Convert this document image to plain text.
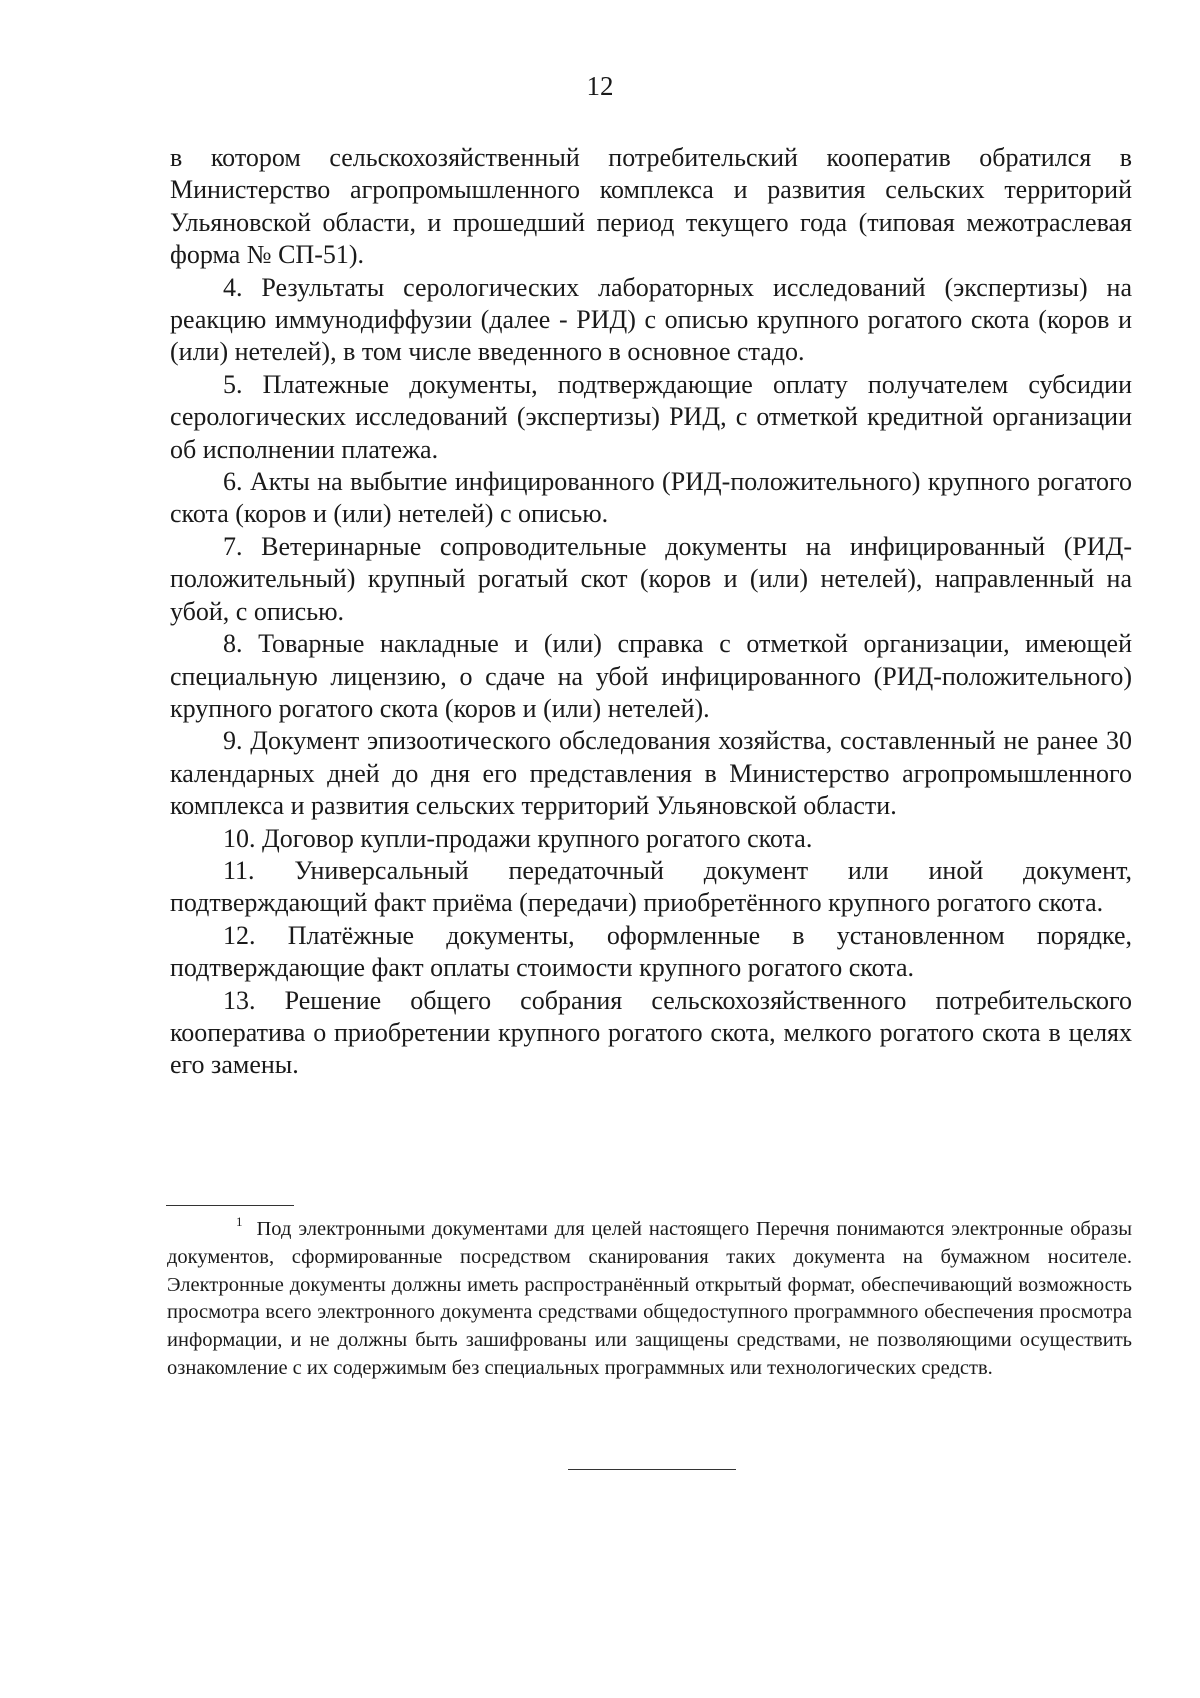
12

в котором сельскохозяйственный потребительский кооператив обратился в Министерство агропромышленного комплекса и развития сельских территорий Ульяновской области, и прошедший период текущего года (типовая межотраслевая форма № СП-51).

4. Результаты серологических лабораторных исследований (экспертизы) на реакцию иммунодиффузии (далее - РИД) с описью крупного рогатого скота (коров и (или) нетелей), в том числе введенного в основное стадо.

5. Платежные документы, подтверждающие оплату получателем субсидии серологических исследований (экспертизы) РИД, с отметкой кредитной организации об исполнении платежа.

6. Акты на выбытие инфицированного (РИД-положительного) крупного рогатого скота (коров и (или) нетелей) с описью.

7. Ветеринарные сопроводительные документы на инфицированный (РИД-положительный) крупный рогатый скот (коров и (или) нетелей), направленный на убой, с описью.

8. Товарные накладные и (или) справка с отметкой организации, имеющей специальную лицензию, о сдаче на убой инфицированного (РИД-положительного) крупного рогатого скота (коров и (или) нетелей).

9. Документ эпизоотического обследования хозяйства, составленный не ранее 30 календарных дней до дня его представления в Министерство агропромышленного комплекса и развития сельских территорий Ульяновской области.

10. Договор купли-продажи крупного рогатого скота.

11. Универсальный передаточный документ или иной документ, подтверждающий факт приёма (передачи) приобретённого крупного рогатого скота.

12. Платёжные документы, оформленные в установленном порядке, подтверждающие факт оплаты стоимости крупного рогатого скота.

13. Решение общего собрания сельскохозяйственного потребительского кооператива о приобретении крупного рогатого скота, мелкого рогатого скота в целях его замены.

$^1$ Под электронными документами для целей настоящего Перечня понимаются электронные образы документов, сформированные посредством сканирования таких документа на бумажном носителе. Электронные документы должны иметь распространённый открытый формат, обеспечивающий возможность просмотра всего электронного документа средствами общедоступного программного обеспечения просмотра информации, и не должны быть зашифрованы или защищены средствами, не позволяющими осуществить ознакомление с их содержимым без специальных программных или технологических средств.
